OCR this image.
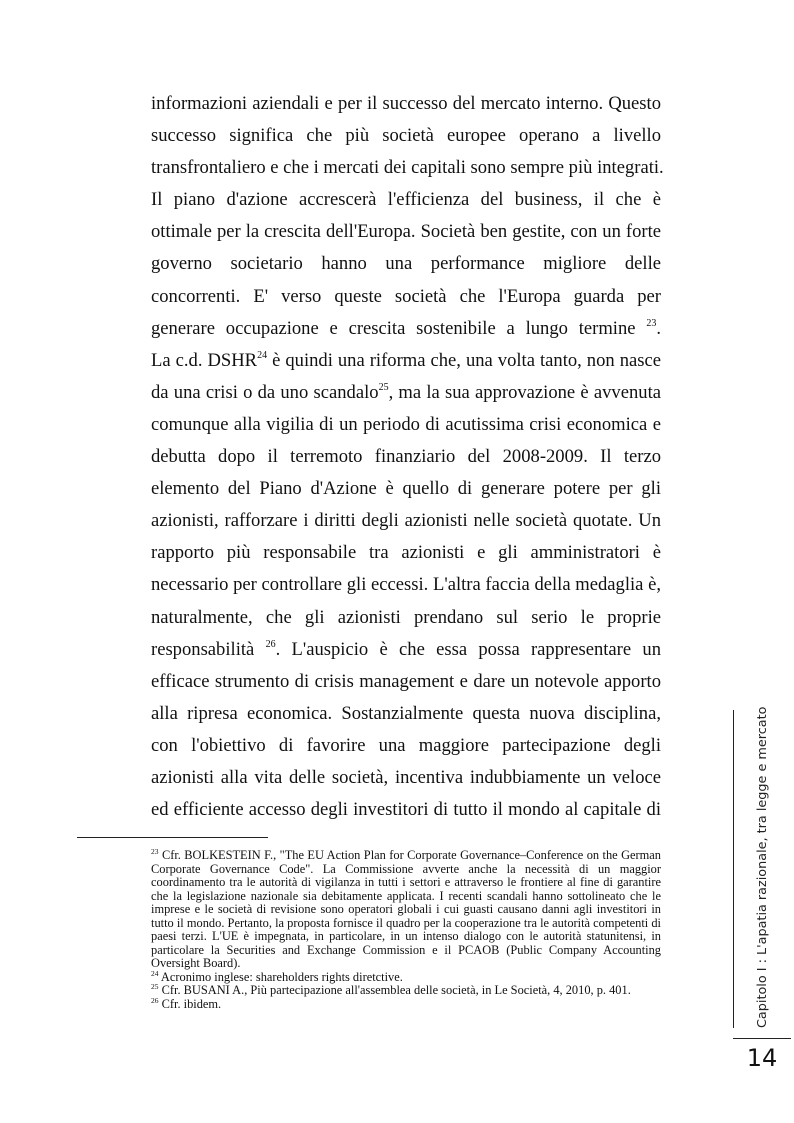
informazioni aziendali e per il successo del mercato interno. Questo
successo significa che più società europee operano a livello
transfrontaliero e che i mercati dei capitali sono sempre più integrati.
Il piano d'azione accrescerà l'efficienza del business, il che è
ottimale per la crescita dell'Europa. Società ben gestite, con un forte
governo societario hanno una performance migliore delle
concorrenti. E' verso queste società che l'Europa guarda per
generare occupazione e crescita sostenibile a lungo termine $^{23}$.
La c.d. DSHR$^{24}$ è quindi una riforma che, una volta tanto, non nasce
da una crisi o da uno scandalo$^{25}$, ma la sua approvazione è avvenuta
comunque alla vigilia di un periodo di acutissima crisi economica e
debutta dopo il terremoto finanziario del 2008-2009. Il terzo
elemento del Piano d'Azione è quello di generare potere per gli
azionisti, rafforzare i diritti degli azionisti nelle società quotate. Un
rapporto più responsabile tra azionisti e gli amministratori è
necessario per controllare gli eccessi. L'altra faccia della medaglia è,
naturalmente, che gli azionisti prendano sul serio le proprie
responsabilità $^{26}$. L'auspicio è che essa possa rappresentare un
efficace strumento di crisis management e dare un notevole apporto
alla ripresa economica. Sostanzialmente questa nuova disciplina,
con l'obiettivo di favorire una maggiore partecipazione degli
azionisti alla vita delle società, incentiva indubbiamente un veloce
ed efficiente accesso degli investitori di tutto il mondo al capitale di

$^{23}$ Cfr. BOLKESTEIN F., "The EU Action Plan for Corporate Governance–Conference on the German Corporate Governance Code". La Commissione avverte anche la necessità di un maggior coordinamento tra le autorità di vigilanza in tutti i settori e attraverso le frontiere al fine di garantire che la legislazione nazionale sia debitamente applicata. I recenti scandali hanno sottolineato che le imprese e le società di revisione sono operatori globali i cui guasti causano danni agli investitori in tutto il mondo. Pertanto, la proposta fornisce il quadro per la cooperazione tra le autorità competenti di paesi terzi. L'UE è impegnata, in particolare, in un intenso dialogo con le autorità statunitensi, in particolare la Securities and Exchange Commission e il PCAOB (Public Company Accounting Oversight Board).

$^{24}$ Acronimo inglese: shareholders rights diretctive.

$^{25}$ Cfr. BUSANI A., Più partecipazione all'assemblea delle società, in Le Società, 4, 2010, p. 401.

$^{26}$ Cfr. ibidem.	Capitolo I : L'apatia razionale, tra legge e mercato
14
